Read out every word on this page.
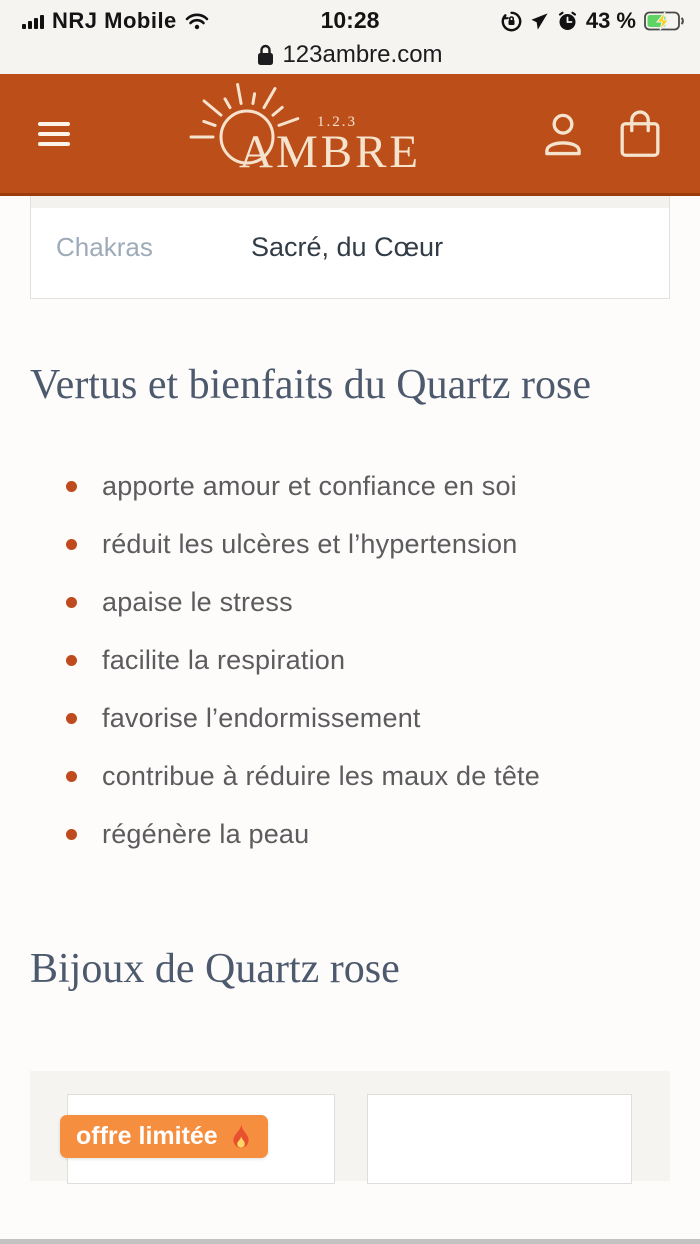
NRJ Mobile	10:28	43 %
123ambre.com
1.2.3
AMBRE
Chakras	Sacré, du Cœur
Vertus et bienfaits du Quartz rose
apporte amour et confiance en soi
réduit les ulcères et l’hypertension
apaise le stress
facilite la respiration
favorise l’endormissement
contribue à réduire les maux de tête
régénère la peau
Bijoux de Quartz rose
offre limitée
